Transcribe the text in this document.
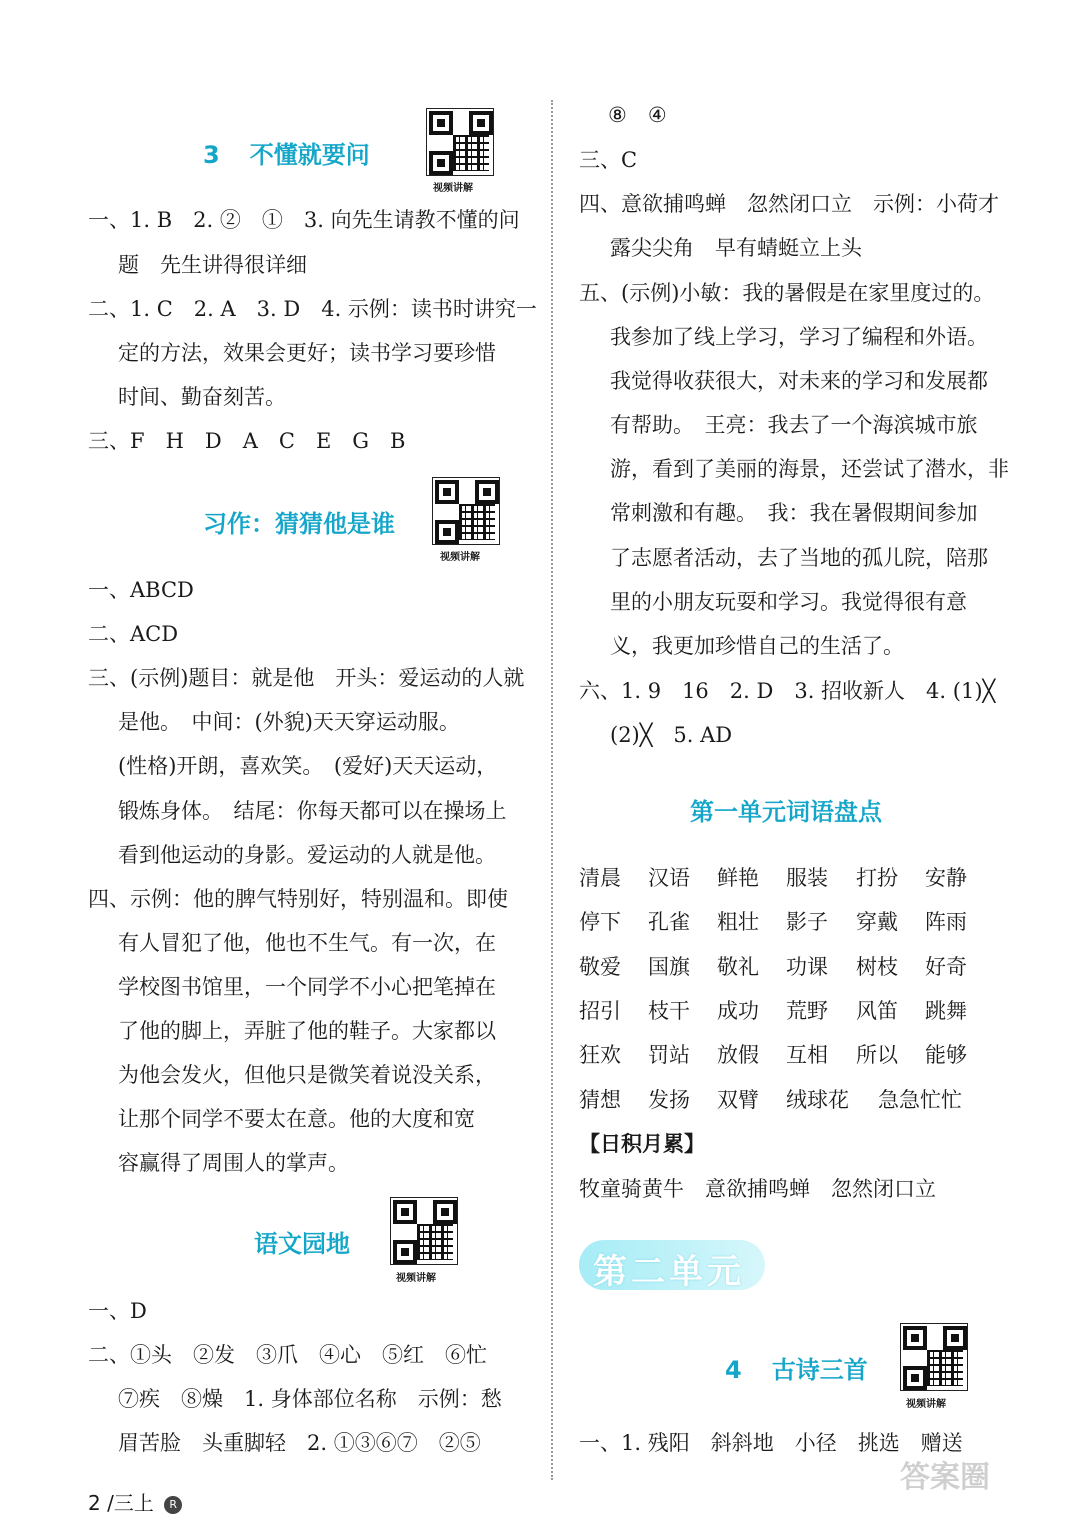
3 不懂就要问
视频讲解
一、1. B　2. ②　①　3. 向先生请教不懂的问
题　先生讲得很详细
二、1. C　2. A　3. D　4. 示例：读书时讲究一
定的方法，效果会更好；读书学习要珍惜
时间、勤奋刻苦。
三、F　H　D　A　C　E　G　B
习作：猜猜他是谁
视频讲解
一、ABCD
二、ACD
三、(示例)题目：就是他　开头：爱运动的人就
是他。　中间：(外貌)天天穿运动服。
(性格)开朗，喜欢笑。　(爱好)天天运动，
锻炼身体。　结尾：你每天都可以在操场上
看到他运动的身影。爱运动的人就是他。
四、示例：他的脾气特别好，特别温和。即使
有人冒犯了他，他也不生气。有一次，在
学校图书馆里，一个同学不小心把笔掉在
了他的脚上，弄脏了他的鞋子。大家都以
为他会发火，但他只是微笑着说没关系，
让那个同学不要太在意。他的大度和宽
容赢得了周围人的掌声。
语文园地
视频讲解
一、D
二、①头　②发　③爪　④心　⑤红　⑥忙
⑦疾　⑧燥　1. 身体部位名称　示例：愁
眉苦脸　头重脚轻　2. ①③⑥⑦　②⑤
⑧　④
三、C
四、意欲捕鸣蝉　忽然闭口立　示例：小荷才
露尖尖角　早有蜻蜓立上头
五、(示例)小敏：我的暑假是在家里度过的。
我参加了线上学习，学习了编程和外语。
我觉得收获很大，对未来的学习和发展都
有帮助。　王亮：我去了一个海滨城市旅
游，看到了美丽的海景，还尝试了潜水，非
常刺激和有趣。　我：我在暑假期间参加
了志愿者活动，去了当地的孤儿院，陪那
里的小朋友玩耍和学习。我觉得很有意
义，我更加珍惜自己的生活了。
六、1. 9　16　2. D　3. 招收新人　4. (1)╳
(2)╳　5. AD
第一单元词语盘点
清晨 汉语 鲜艳 服装 打扮 安静
停下 孔雀 粗壮 影子 穿戴 阵雨
敬爱 国旗 敬礼 功课 树枝 好奇
招引 枝干 成功 荒野 风笛 跳舞
狂欢 罚站 放假 互相 所以 能够
猜想 发扬 双臂 绒球花 急急忙忙
【日积月累】
牧童骑黄牛　意欲捕鸣蝉　忽然闭口立
第二单元
4 古诗三首
视频讲解
一、1. 残阳　斜斜地　小径　挑选　赠送
2 /三上 R
答案圈
